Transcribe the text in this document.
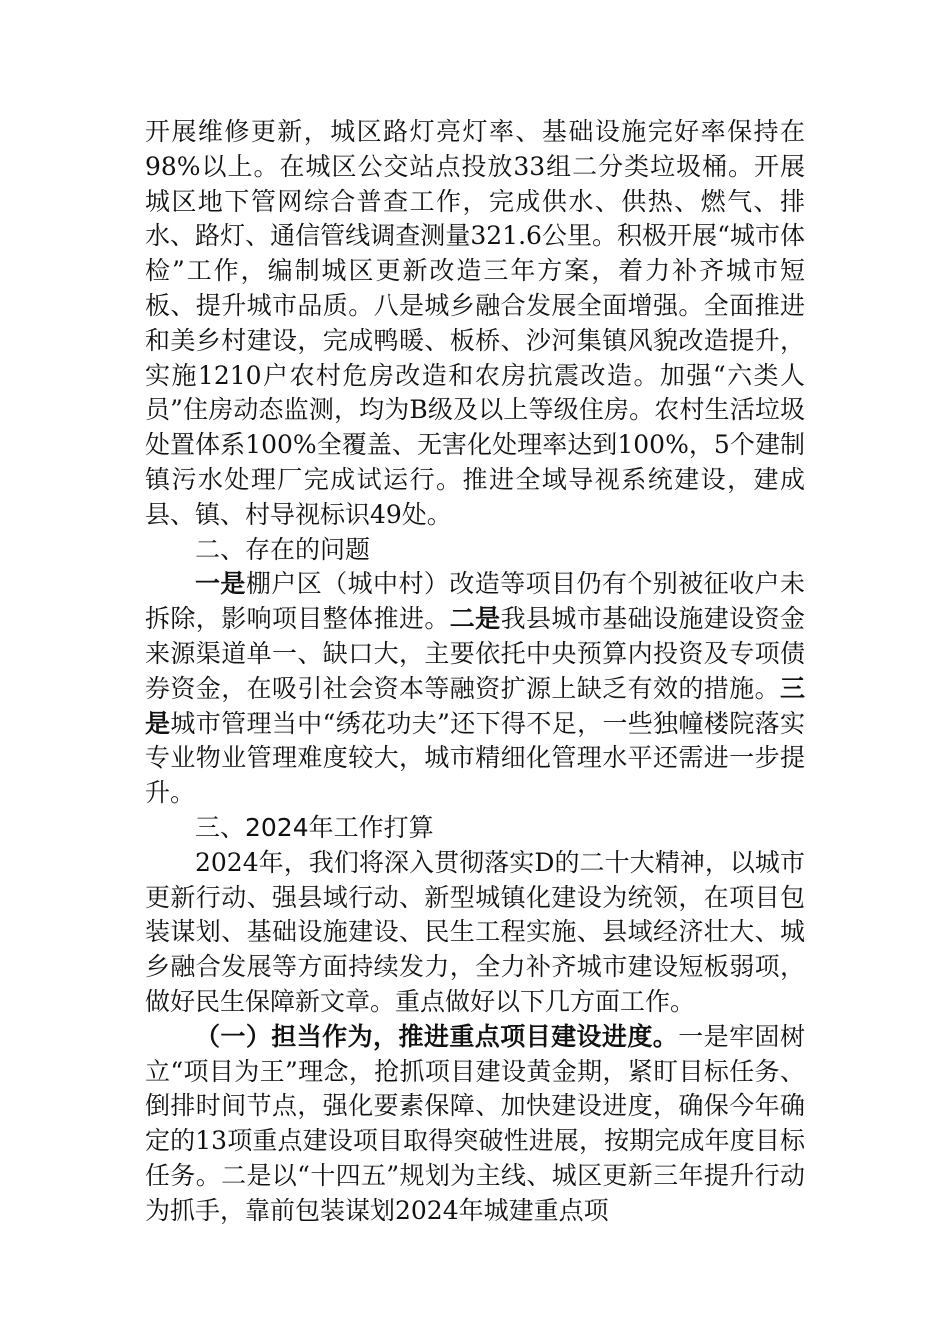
开展维修更新，城区路灯亮灯率、基础设施完好率保持在98%以上。在城区公交站点投放33组二分类垃圾桶。开展城区地下管网综合普查工作，完成供水、供热、燃气、排水、路灯、通信管线调查测量321.6公里。积极开展“城市体检”工作，编制城区更新改造三年方案，着力补齐城市短板、提升城市品质。八是城乡融合发展全面增强。全面推进和美乡村建设，完成鸭暖、板桥、沙河集镇风貌改造提升，实施1210户农村危房改造和农房抗震改造。加强“六类人员”住房动态监测，均为B级及以上等级住房。农村生活垃圾处置体系100%全覆盖、无害化处理率达到100%，5个建制镇污水处理厂完成试运行。推进全域导视系统建设，建成县、镇、村导视标识49处。

二、存在的问题

一是棚户区（城中村）改造等项目仍有个别被征收户未拆除，影响项目整体推进。二是我县城市基础设施建设资金来源渠道单一、缺口大，主要依托中央预算内投资及专项债券资金，在吸引社会资本等融资扩源上缺乏有效的措施。三是城市管理当中“绣花功夫”还下得不足，一些独幢楼院落实专业物业管理难度较大，城市精细化管理水平还需进一步提升。

三、2024年工作打算

2024年，我们将深入贯彻落实D的二十大精神，以城市更新行动、强县域行动、新型城镇化建设为统领，在项目包装谋划、基础设施建设、民生工程实施、县域经济壮大、城乡融合发展等方面持续发力，全力补齐城市建设短板弱项，做好民生保障新文章。重点做好以下几方面工作。

（一）担当作为，推进重点项目建设进度。一是牢固树立“项目为王”理念，抢抓项目建设黄金期，紧盯目标任务、倒排时间节点，强化要素保障、加快建设进度，确保今年确定的13项重点建设项目取得突破性进展，按期完成年度目标任务。二是以“十四五”规划为主线、城区更新三年提升行动为抓手，靠前包装谋划2024年城建重点项
